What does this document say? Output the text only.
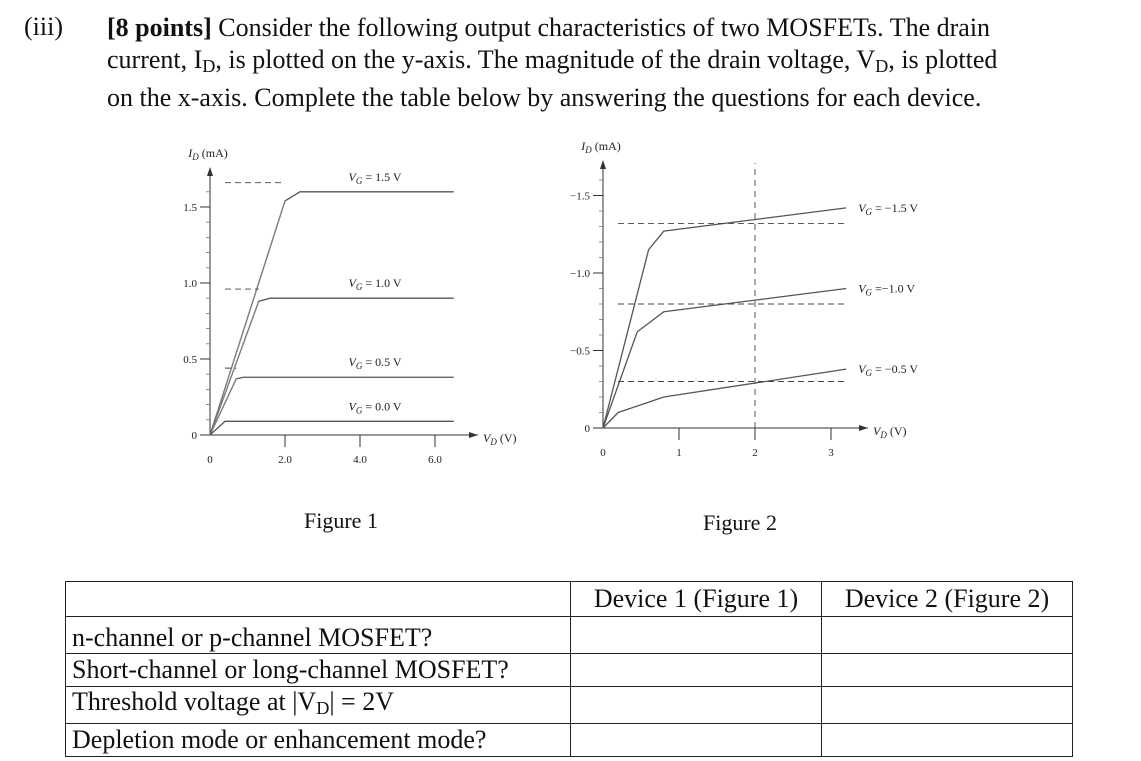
(iii) [8 points] Consider the following output characteristics of two MOSFETs. The drain
current, $I_D$, is plotted on the y-axis. The magnitude of the drain voltage, $V_D$, is plotted
on the x-axis. Complete the table below by answering the questions for each device.
0
0.5
1.0
1.5
0	2.0	4.0	6.0
$I_D$ (mA)
$V_D$ (V)
$V_G = 1.5$ V
$V_G = 1.0$ V
$V_G = 0.5$ V
$V_G = 0.0$ V
0
−0.5
−1.0
−1.5
0	1	2	3
$I_D$ (mA)
$V_D$ (V)
$V_G = -1.5$ V
$V_G =-1.0$ V
$V_G = -0.5$ V
Figure 1	Figure 2
	Device 1 (Figure 1)	Device 2 (Figure 2)
n-channel or p-channel MOSFET?		
Short-channel or long-channel MOSFET?		
Threshold voltage at $|V_D| = 2V$		
Depletion mode or enhancement mode?		
